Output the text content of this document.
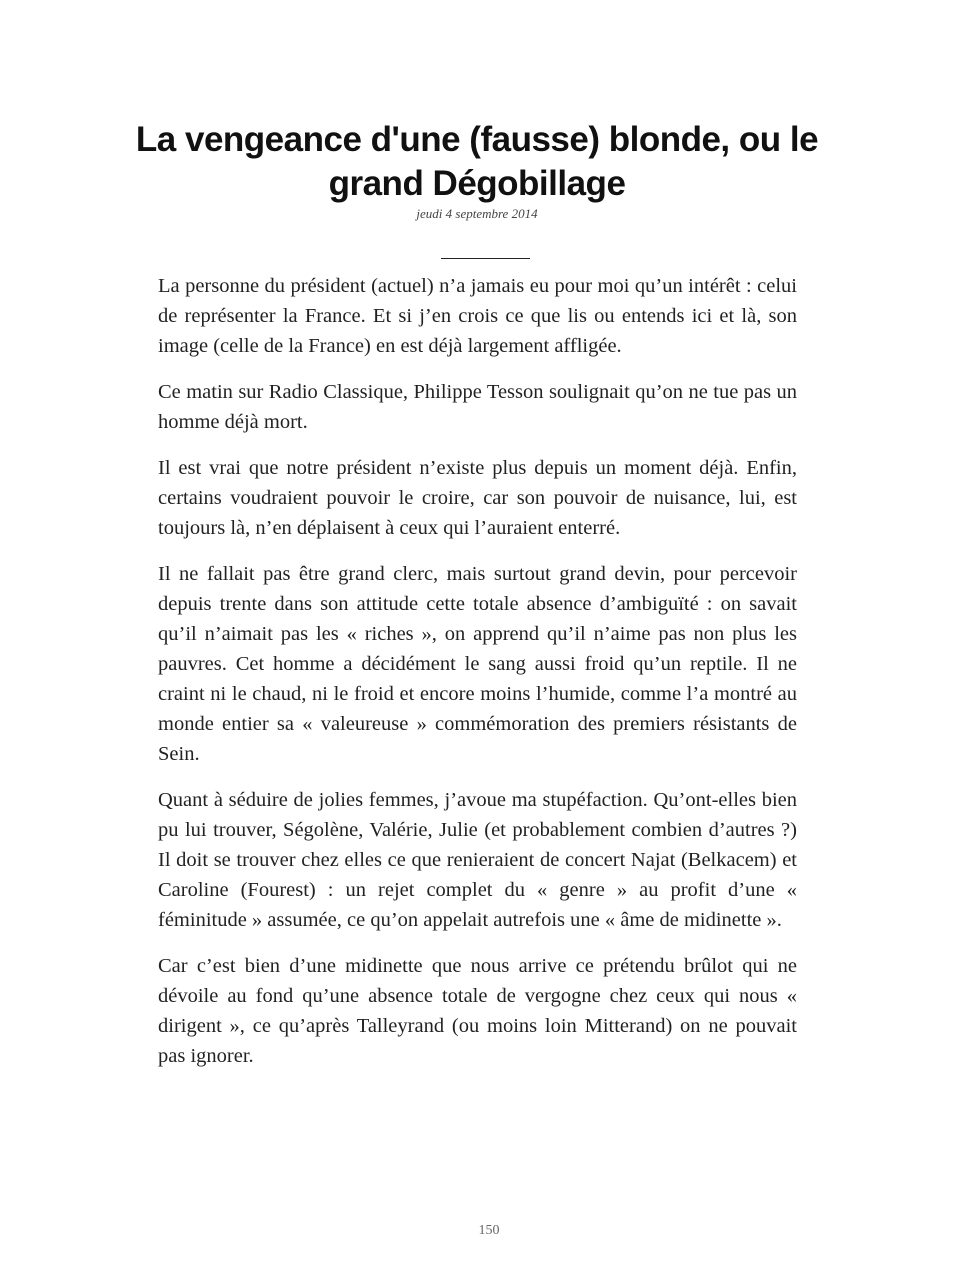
La vengeance d'une (fausse) blonde, ou le grand Dégobillage
jeudi 4 septembre 2014

La personne du président (actuel) n’a jamais eu pour moi qu’un intérêt : celui de représenter la France. Et si j’en crois ce que lis ou entends ici et là, son image (celle de la France) en est déjà largement affligée.

Ce matin sur Radio Classique, Philippe Tesson soulignait qu’on ne tue pas un homme déjà mort.

Il est vrai que notre président n’existe plus depuis un moment déjà. Enfin, certains voudraient pouvoir le croire, car son pouvoir de nuisance, lui, est toujours là, n’en déplaisent à ceux qui l’auraient enterré.

Il ne fallait pas être grand clerc, mais surtout grand devin, pour percevoir depuis trente dans son attitude cette totale absence d’ambiguïté : on savait qu’il n’aimait pas les « riches », on apprend qu’il n’aime pas non plus les pauvres. Cet homme a décidément le sang aussi froid qu’un reptile. Il ne craint ni le chaud, ni le froid et encore moins l’humide, comme l’a montré au monde entier sa « valeureuse » commémoration des premiers résistants de Sein.

Quant à séduire de jolies femmes, j’avoue ma stupéfaction. Qu’ont-elles bien pu lui trouver, Ségolène, Valérie, Julie (et probablement combien d’autres ?) Il doit se trouver chez elles ce que renieraient de concert Najat (Belkacem) et Caroline (Fourest) : un rejet complet du « genre » au profit d’une « féminitude » assumée, ce qu’on appelait autrefois une « âme de midinette ».

Car c’est bien d’une midinette que nous arrive ce prétendu brûlot qui ne dévoile au fond qu’une absence totale de vergogne chez ceux qui nous « dirigent », ce qu’après Talleyrand (ou moins loin Mitterand) on ne pouvait pas ignorer.

150
